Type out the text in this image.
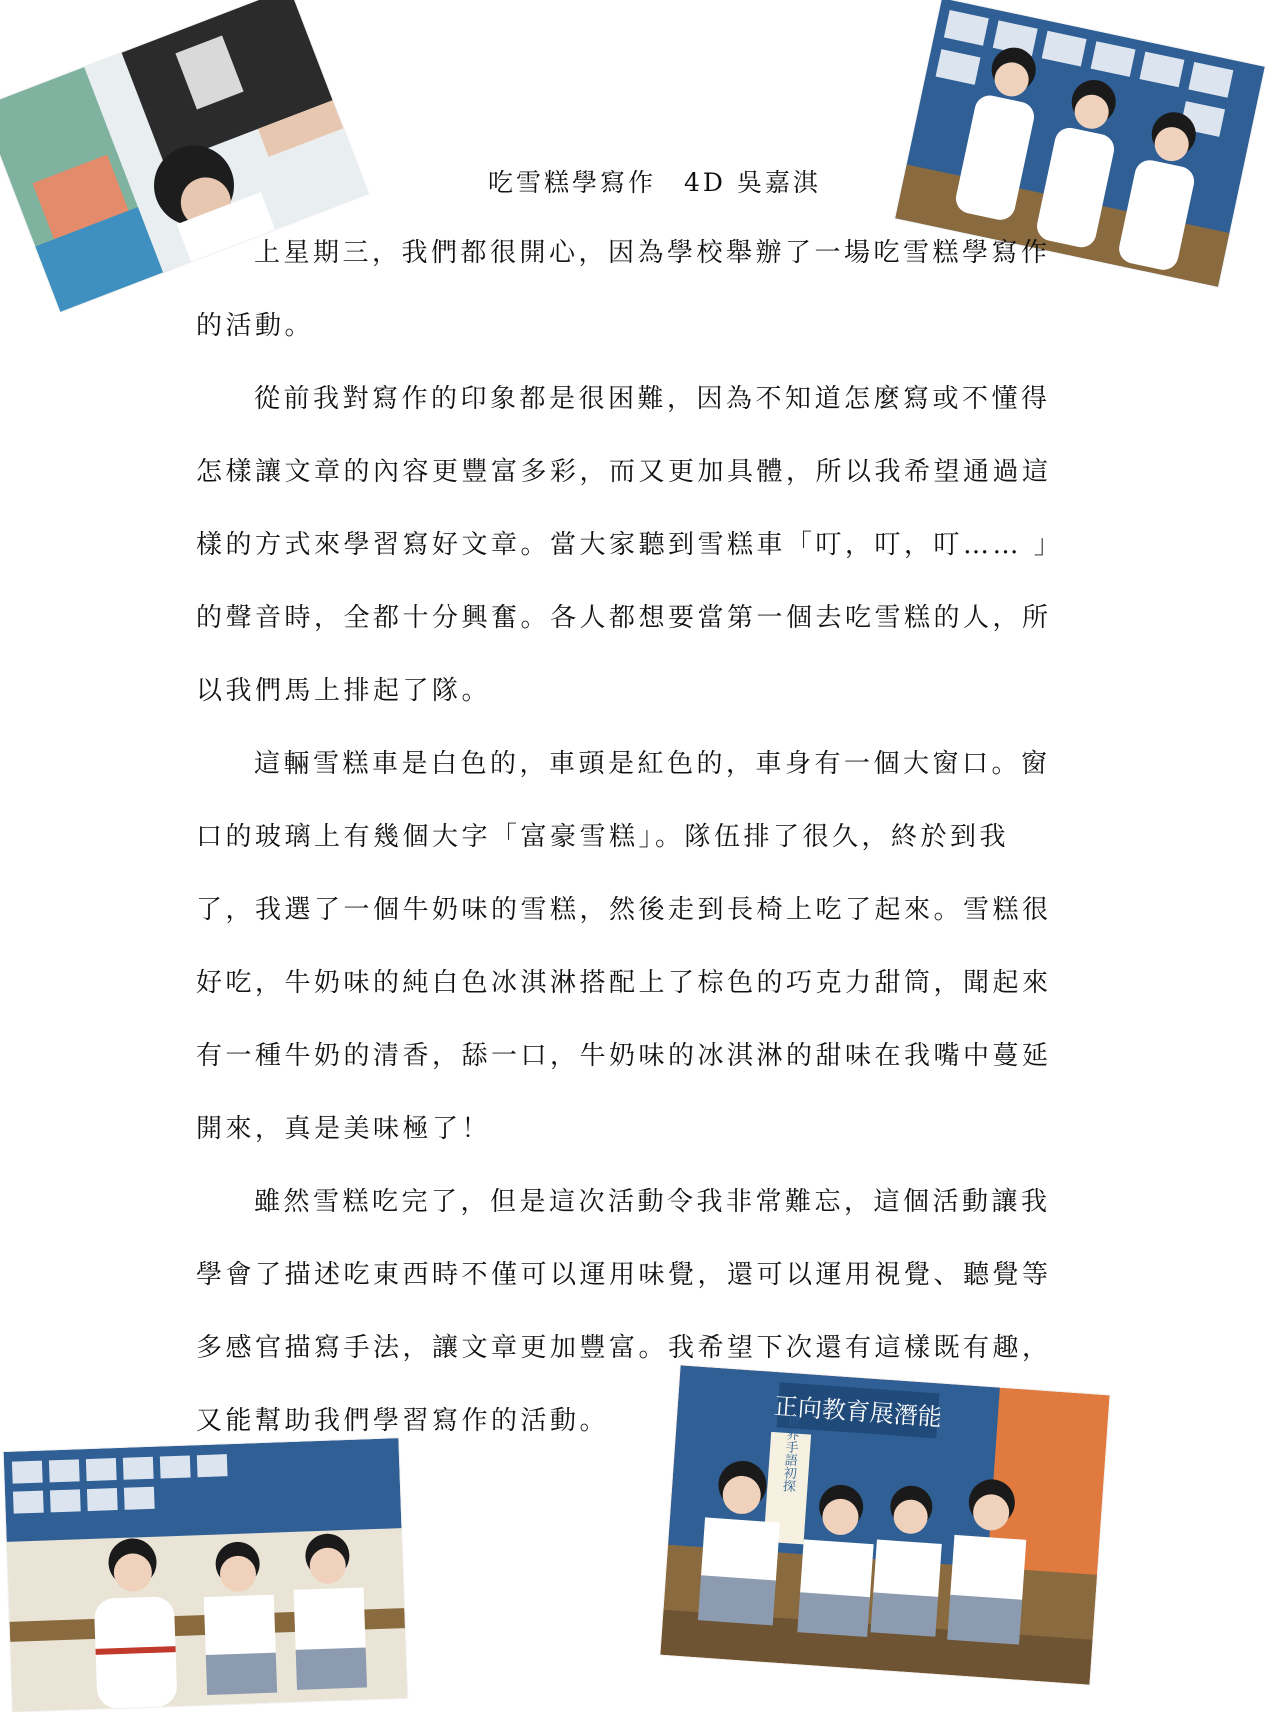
吃雪糕學寫作　4D 吳嘉淇
上星期三，我們都很開心，因為學校舉辦了一場吃雪糕學寫作
的活動。
從前我對寫作的印象都是很困難，因為不知道怎麼寫或不懂得
怎樣讓文章的內容更豐富多彩，而又更加具體，所以我希望通過這
樣的方式來學習寫好文章。當大家聽到雪糕車「叮，叮，叮…… 」
的聲音時，全都十分興奮。各人都想要當第一個去吃雪糕的人，所
以我們馬上排起了隊。
這輛雪糕車是白色的，車頭是紅色的，車身有一個大窗口。窗
口的玻璃上有幾個大字「富豪雪糕」。隊伍排了很久，終於到我
了，我選了一個牛奶味的雪糕，然後走到長椅上吃了起來。雪糕很
好吃，牛奶味的純白色冰淇淋搭配上了棕色的巧克力甜筒，聞起來
有一種牛奶的清香，舔一口，牛奶味的冰淇淋的甜味在我嘴中蔓延
開來，真是美味極了！
雖然雪糕吃完了，但是這次活動令我非常難忘，這個活動讓我
學會了描述吃東西時不僅可以運用味覺，還可以運用視覺、聽覺等
多感官描寫手法，讓文章更加豐富。我希望下次還有這樣既有趣，
又能幫助我們學習寫作的活動。	正向教育展潛能
世界手語初探
